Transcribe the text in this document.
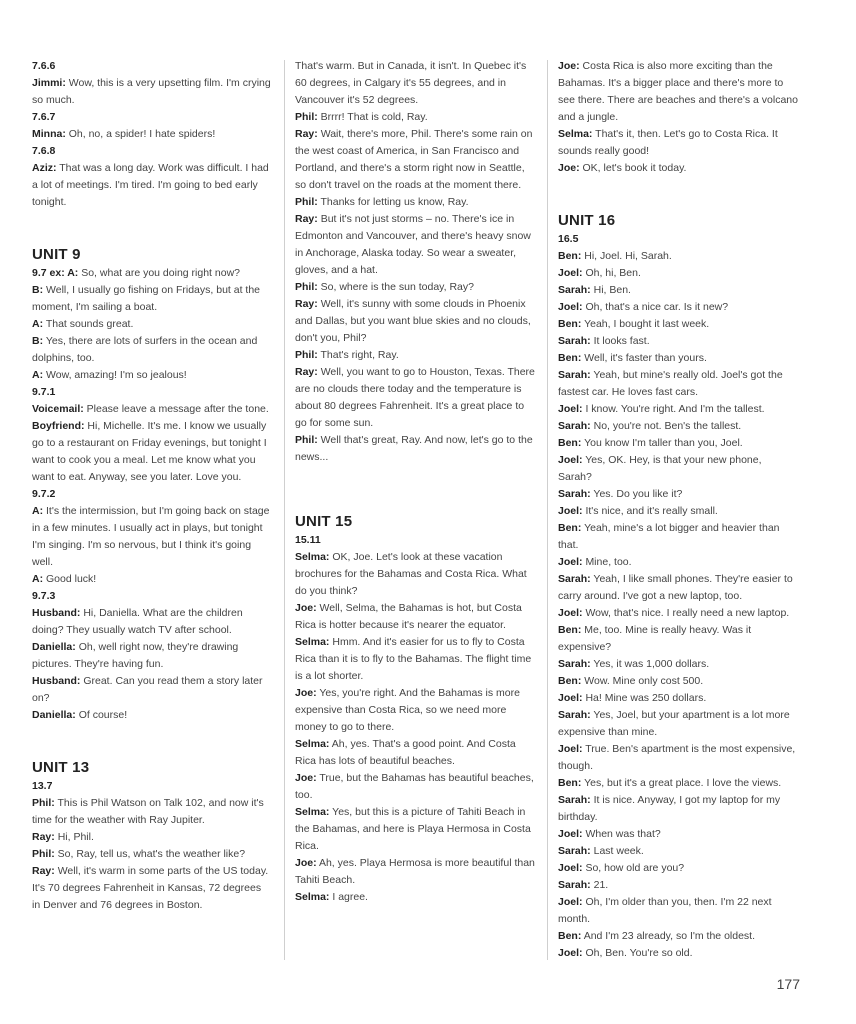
7.6.6
Jimmi: Wow, this is a very upsetting film. I'm crying so much.
7.6.7
Minna: Oh, no, a spider! I hate spiders!
7.6.8
Aziz: That was a long day. Work was difficult. I had a lot of meetings. I'm tired. I'm going to bed early tonight.
UNIT 9
9.7 ex: A: So, what are you doing right now?
B: Well, I usually go fishing on Fridays, but at the moment, I'm sailing a boat.
A: That sounds great.
B: Yes, there are lots of surfers in the ocean and dolphins, too.
A: Wow, amazing! I'm so jealous!
9.7.1
Voicemail: Please leave a message after the tone.
Boyfriend: Hi, Michelle. It's me. I know we usually go to a restaurant on Friday evenings, but tonight I want to cook you a meal. Let me know what you want to eat. Anyway, see you later. Love you.
9.7.2
A: It's the intermission, but I'm going back on stage in a few minutes. I usually act in plays, but tonight I'm singing. I'm so nervous, but I think it's going well.
A: Good luck!
9.7.3
Husband: Hi, Daniella. What are the children doing? They usually watch TV after school.
Daniella: Oh, well right now, they're drawing pictures. They're having fun.
Husband: Great. Can you read them a story later on?
Daniella: Of course!
UNIT 13
13.7
Phil: This is Phil Watson on Talk 102, and now it's time for the weather with Ray Jupiter.
Ray: Hi, Phil.
Phil: So, Ray, tell us, what's the weather like?
Ray: Well, it's warm in some parts of the US today. It's 70 degrees Fahrenheit in Kansas, 72 degrees in Denver and 76 degrees in Boston.
That's warm. But in Canada, it isn't. In Quebec it's 60 degrees, in Calgary it's 55 degrees, and in Vancouver it's 52 degrees.
Phil: Brrrr! That is cold, Ray.
Ray: Wait, there's more, Phil. There's some rain on the west coast of America, in San Francisco and Portland, and there's a storm right now in Seattle, so don't travel on the roads at the moment there.
Phil: Thanks for letting us know, Ray.
Ray: But it's not just storms – no. There's ice in Edmonton and Vancouver, and there's heavy snow in Anchorage, Alaska today. So wear a sweater, gloves, and a hat.
Phil: So, where is the sun today, Ray?
Ray: Well, it's sunny with some clouds in Phoenix and Dallas, but you want blue skies and no clouds, don't you, Phil?
Phil: That's right, Ray.
Ray: Well, you want to go to Houston, Texas. There are no clouds there today and the temperature is about 80 degrees Fahrenheit. It's a great place to go for some sun.
Phil: Well that's great, Ray. And now, let's go to the news...
UNIT 15
15.11
Selma: OK, Joe. Let's look at these vacation brochures for the Bahamas and Costa Rica. What do you think?
Joe: Well, Selma, the Bahamas is hot, but Costa Rica is hotter because it's nearer the equator.
Selma: Hmm. And it's easier for us to fly to Costa Rica than it is to fly to the Bahamas. The flight time is a lot shorter.
Joe: Yes, you're right. And the Bahamas is more expensive than Costa Rica, so we need more money to go to there.
Selma: Ah, yes. That's a good point. And Costa Rica has lots of beautiful beaches.
Joe: True, but the Bahamas has beautiful beaches, too.
Selma: Yes, but this is a picture of Tahiti Beach in the Bahamas, and here is Playa Hermosa in Costa Rica.
Joe: Ah, yes. Playa Hermosa is more beautiful than Tahiti Beach.
Selma: I agree.
Joe: Costa Rica is also more exciting than the Bahamas. It's a bigger place and there's more to see there. There are beaches and there's a volcano and a jungle.
Selma: That's it, then. Let's go to Costa Rica. It sounds really good!
Joe: OK, let's book it today.
UNIT 16
16.5
Ben: Hi, Joel. Hi, Sarah.
Joel: Oh, hi, Ben.
Sarah: Hi, Ben.
Joel: Oh, that's a nice car. Is it new?
Ben: Yeah, I bought it last week.
Sarah: It looks fast.
Ben: Well, it's faster than yours.
Sarah: Yeah, but mine's really old. Joel's got the fastest car. He loves fast cars.
Joel: I know. You're right. And I'm the tallest.
Sarah: No, you're not. Ben's the tallest.
Ben: You know I'm taller than you, Joel.
Joel: Yes, OK. Hey, is that your new phone, Sarah?
Sarah: Yes. Do you like it?
Joel: It's nice, and it's really small.
Ben: Yeah, mine's a lot bigger and heavier than that.
Joel: Mine, too.
Sarah: Yeah, I like small phones. They're easier to carry around. I've got a new laptop, too.
Joel: Wow, that's nice. I really need a new laptop.
Ben: Me, too. Mine is really heavy. Was it expensive?
Sarah: Yes, it was 1,000 dollars.
Ben: Wow. Mine only cost 500.
Joel: Ha! Mine was 250 dollars.
Sarah: Yes, Joel, but your apartment is a lot more expensive than mine.
Joel: True. Ben's apartment is the most expensive, though.
Ben: Yes, but it's a great place. I love the views.
Sarah: It is nice. Anyway, I got my laptop for my birthday.
Joel: When was that?
Sarah: Last week.
Joel: So, how old are you?
Sarah: 21.
Joel: Oh, I'm older than you, then. I'm 22 next month.
Ben: And I'm 23 already, so I'm the oldest.
Joel: Oh, Ben. You're so old.
177
